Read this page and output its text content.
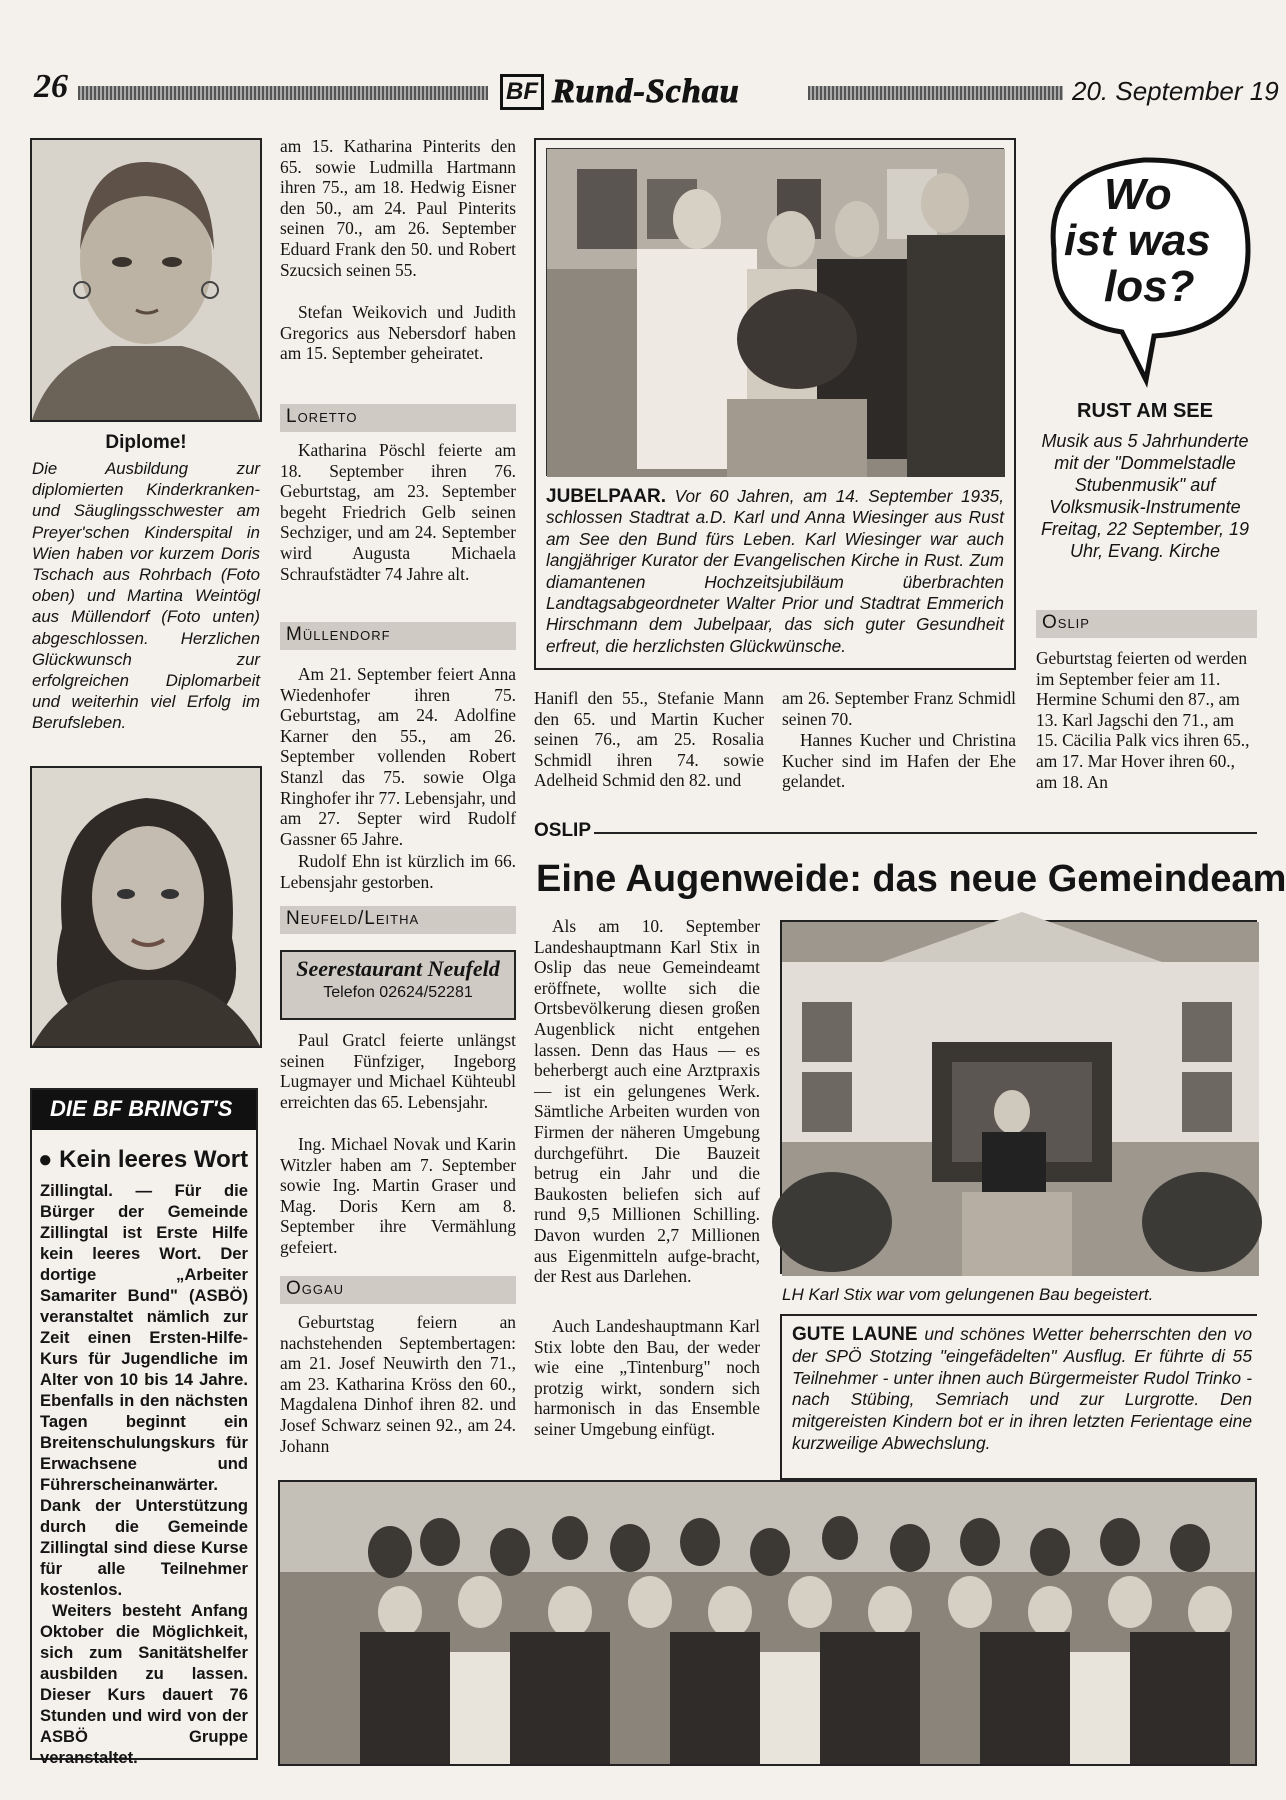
26	BF Rund-Schau	20. September 19
Diplome!
Die Ausbildung zur diplomierten Kinderkranken- und Säuglingsschwester am Preyer'schen Kinderspital in Wien haben vor kurzem Doris Tschach aus Rohrbach (Foto oben) und Martina Weintögl aus Müllendorf (Foto unten) abgeschlossen. Herzlichen Glückwunsch zur erfolgreichen Diplomarbeit und weiterhin viel Erfolg im Berufsleben.
DIE BF BRINGT'S
● Kein leeres Wort
Zillingtal. — Für die Bürger der Gemeinde Zillingtal ist Erste Hilfe kein leeres Wort. Der dortige „Arbeiter Samariter Bund" (ASBÖ) veranstaltet nämlich zur Zeit einen Ersten-Hilfe-Kurs für Jugendliche im Alter von 10 bis 14 Jahre. Ebenfalls in den nächsten Tagen beginnt ein Breitenschulungskurs für Erwachsene und Führerscheinanwärter. Dank der Unterstützung durch die Gemeinde Zillingtal sind diese Kurse für alle Teilnehmer kostenlos.
Weiters besteht Anfang Oktober die Möglichkeit, sich zum Sanitätshelfer ausbilden zu lassen. Dieser Kurs dauert 76 Stunden und wird von der ASBÖ Gruppe veranstaltet.
am 15. Katharina Pinterits den 65. sowie Ludmilla Hartmann ihren 75., am 18. Hedwig Eisner den 50., am 24. Paul Pinterits seinen 70., am 26. September Eduard Frank den 50. und Robert Szucsich seinen 55.
Stefan Weikovich und Judith Gregorics aus Nebersdorf haben am 15. September geheiratet.
Loretto
Katharina Pöschl feierte am 18. September ihren 76. Geburtstag, am 23. September begeht Friedrich Gelb seinen Sechziger, und am 24. September wird Augusta Michaela Schraufstädter 74 Jahre alt.
Müllendorf
Am 21. September feiert Anna Wiedenhofer ihren 75. Geburtstag, am 24. Adolfine Karner den 55., am 26. September vollenden Robert Stanzl das 75. sowie Olga Ringhofer ihr 77. Lebensjahr, und am 27. Septer wird Rudolf Gassner 65 Jahre.
Rudolf Ehn ist kürzlich im 66. Lebensjahr gestorben.
Neufeld/Leitha
Seerestaurant Neufeld
Telefon 02624/52281
Paul Gratcl feierte unlängst seinen Fünfziger, Ingeborg Lugmayer und Michael Kühteubl erreichten das 65. Lebensjahr.
Ing. Michael Novak und Karin Witzler haben am 7. September sowie Ing. Martin Graser und Mag. Doris Kern am 8. September ihre Vermählung gefeiert.
Oggau
Geburtstag feiern an nachstehenden Septembertagen: am 21. Josef Neuwirth den 71., am 23. Katharina Kröss den 60., Magdalena Dinhof ihren 82. und Josef Schwarz seinen 92., am 24. Johann
JUBELPAAR. Vor 60 Jahren, am 14. September 1935, schlossen Stadtrat a.D. Karl und Anna Wiesinger aus Rust am See den Bund fürs Leben. Karl Wiesinger war auch langjähriger Kurator der Evangelischen Kirche in Rust. Zum diamantenen Hochzeitsjubiläum überbrachten Landtagsabgeordneter Walter Prior und Stadtrat Emmerich Hirschmann dem Jubelpaar, das sich guter Gesundheit erfreut, die herzlichsten Glückwünsche.
Hanifl den 55., Stefanie Mann den 65. und Martin Kucher seinen 76., am 25. Rosalia Schmidl ihren 74. sowie Adelheid Schmid den 82. und
am 26. September Franz Schmidl seinen 70.
Hannes Kucher und Christina Kucher sind im Hafen der Ehe gelandet.
Wo
ist was
los?
RUST AM SEE
Musik aus 5 Jahrhunderte mit der "Dommelstadle Stubenmusik" auf Volksmusik-Instrumente Freitag, 22 September, 19 Uhr, Evang. Kirche
Oslip
Geburtstag feierten od werden im September feier am 11. Hermine Schumi den 87., am 13. Karl Jagschi den 71., am 15. Cäcilia Palk vics ihren 65., am 17. Mar Hover ihren 60., am 18. An
OSLIP
Eine Augenweide: das neue Gemeindeam
Als am 10. September Landeshauptmann Karl Stix in Oslip das neue Gemeindeamt eröffnete, wollte sich die Ortsbevölkerung diesen großen Augenblick nicht entgehen lassen. Denn das Haus — es beherbergt auch eine Arztpraxis — ist ein gelungenes Werk. Sämtliche Arbeiten wurden von Firmen der näheren Umgebung durchgeführt. Die Bauzeit betrug ein Jahr und die Baukosten beliefen sich auf rund 9,5 Millionen Schilling. Davon wurden 2,7 Millionen aus Eigenmitteln aufge-bracht, der Rest aus Darlehen.
Auch Landeshauptmann Karl Stix lobte den Bau, der weder wie eine „Tintenburg" noch protzig wirkt, sondern sich harmonisch in das Ensemble seiner Umgebung einfügt.
LH Karl Stix war vom gelungenen Bau begeistert.
GUTE LAUNE und schönes Wetter beherrschten den vo der SPÖ Stotzing "eingefädelten" Ausflug. Er führte di 55 Teilnehmer - unter ihnen auch Bürgermeister Rudol Trinko - nach Stübing, Semriach und zur Lurgrotte. Den mitgereisten Kindern bot er in ihren letzten Ferientage eine kurzweilige Abwechslung.
